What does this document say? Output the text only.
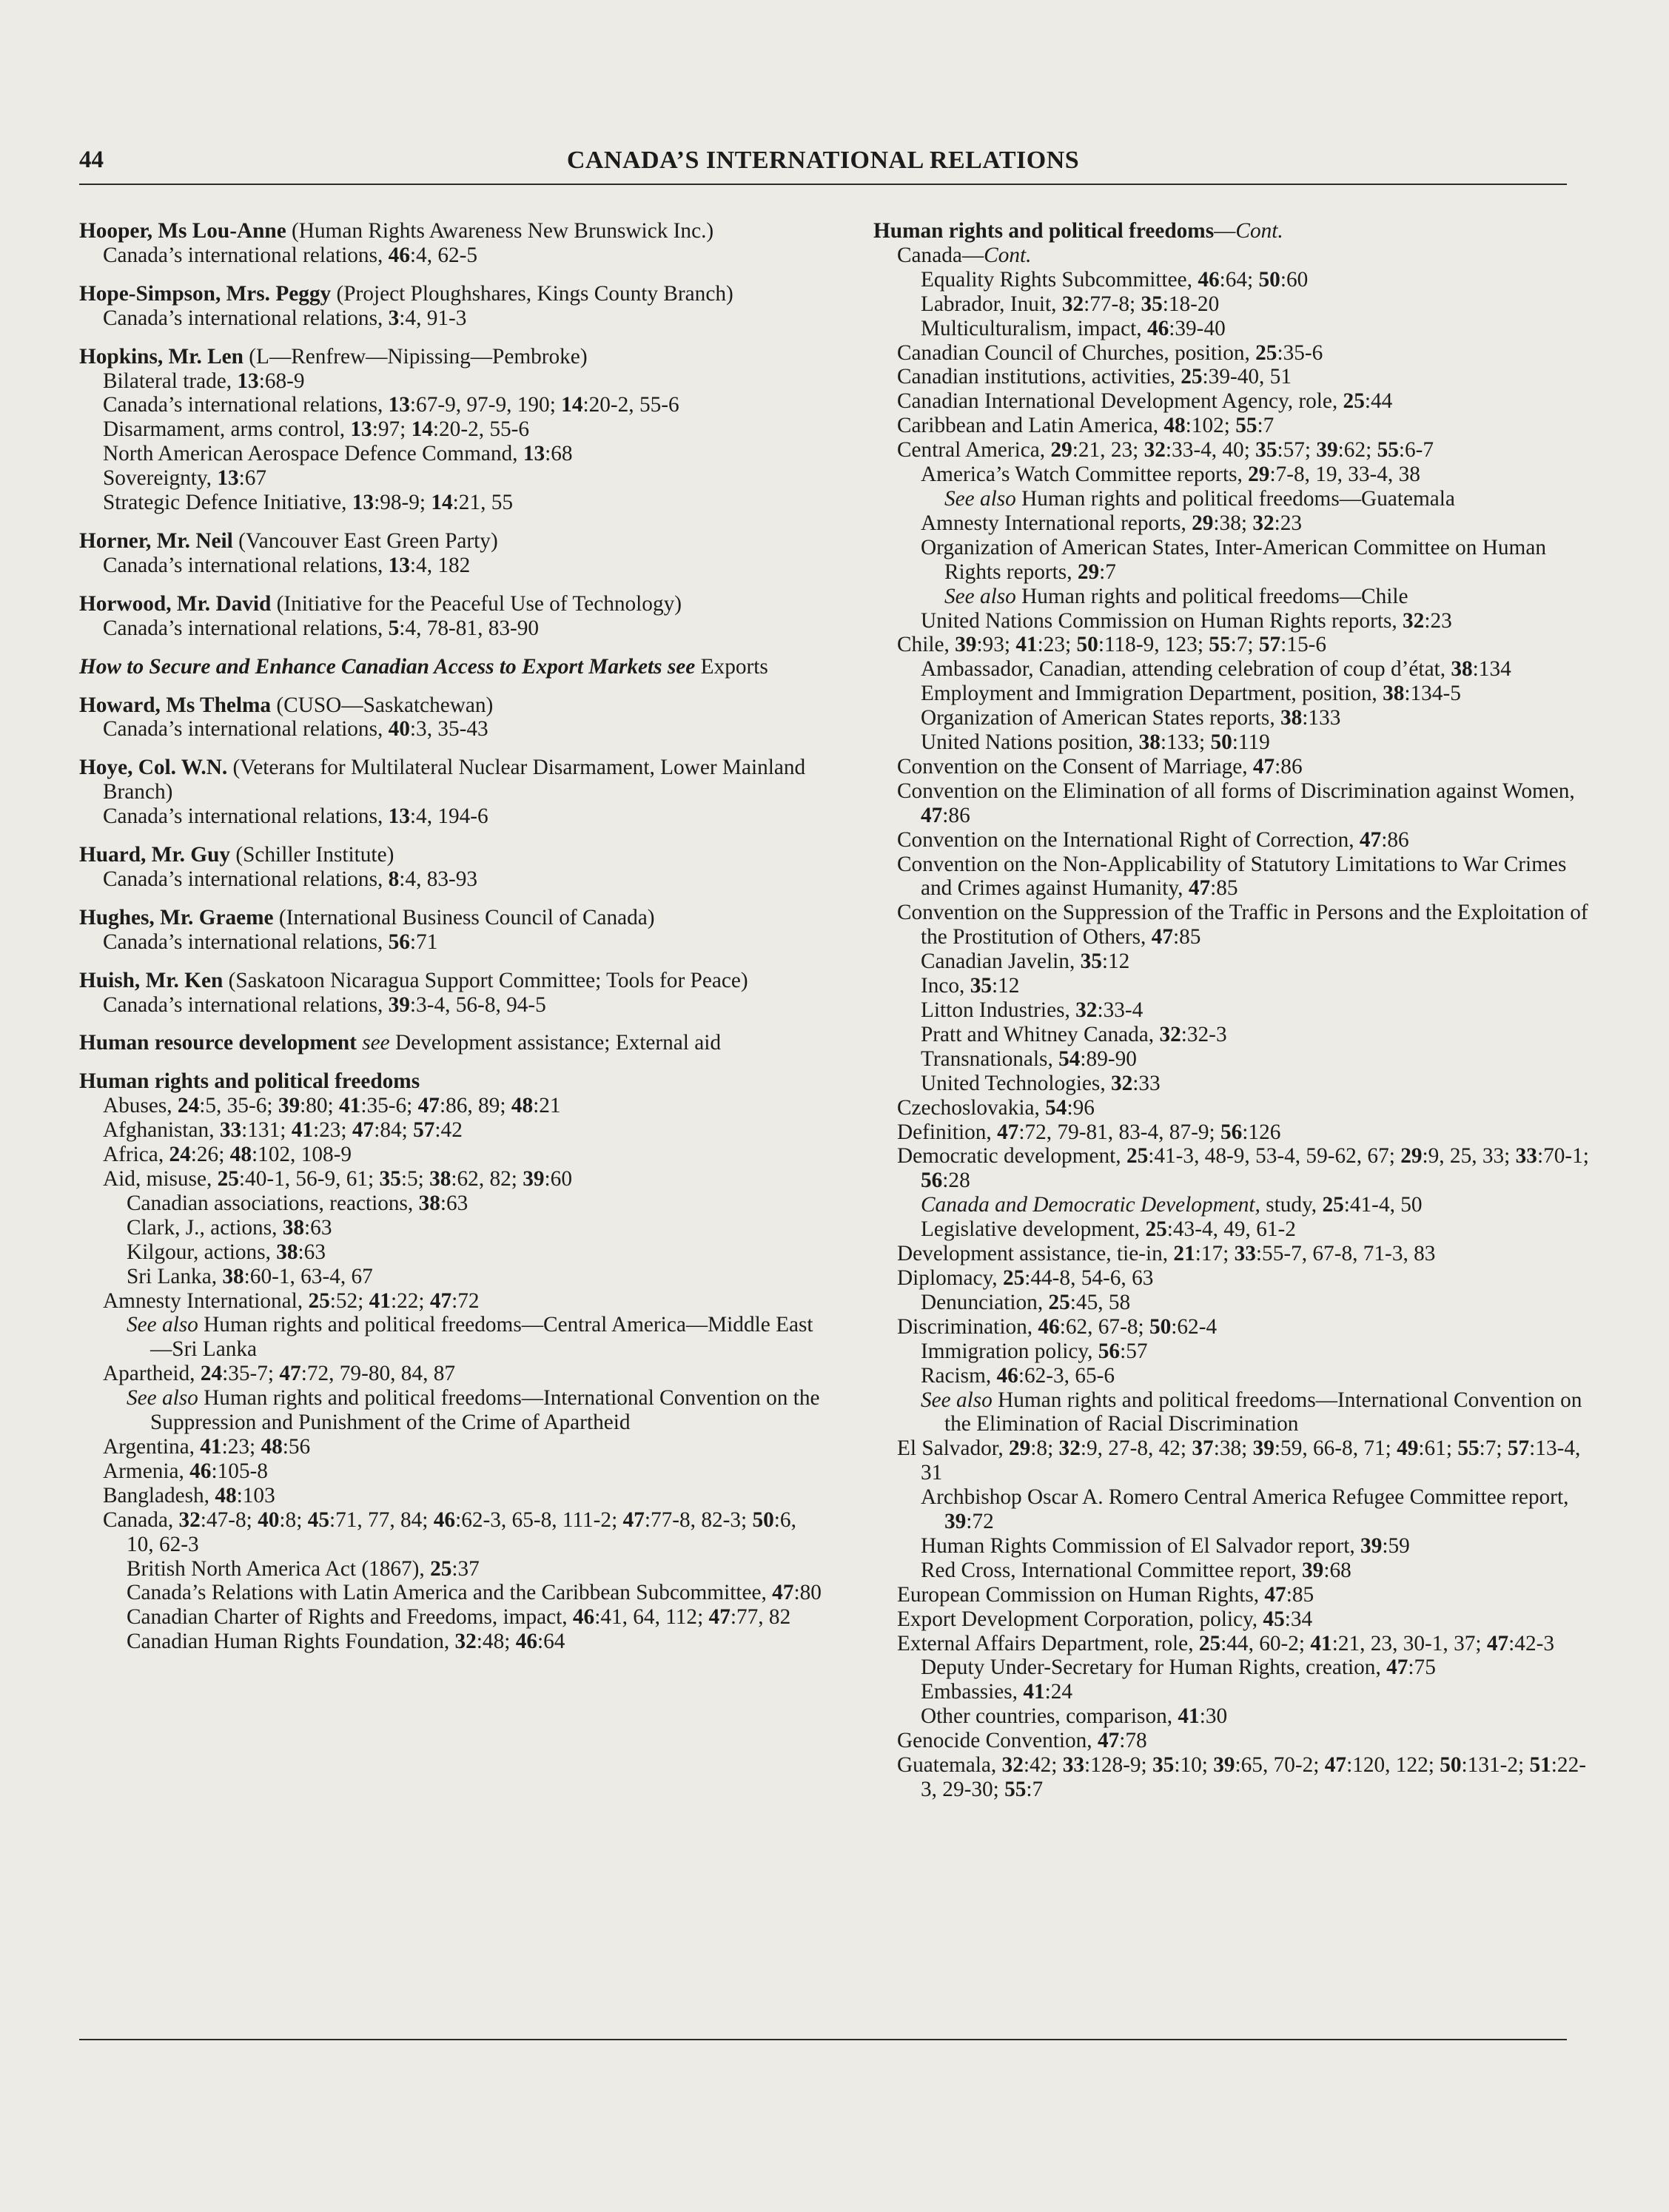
44	CANADA’S INTERNATIONAL RELATIONS
Hooper, Ms Lou-Anne (Human Rights Awareness New Brunswick Inc.)
Canada’s international relations, 46:4, 62-5
Hope-Simpson, Mrs. Peggy (Project Ploughshares, Kings County Branch)
Canada’s international relations, 3:4, 91-3
Hopkins, Mr. Len (L—Renfrew—Nipissing—Pembroke)
Bilateral trade, 13:68-9
Canada’s international relations, 13:67-9, 97-9, 190; 14:20-2, 55-6
Disarmament, arms control, 13:97; 14:20-2, 55-6
North American Aerospace Defence Command, 13:68
Sovereignty, 13:67
Strategic Defence Initiative, 13:98-9; 14:21, 55
Horner, Mr. Neil (Vancouver East Green Party)
Canada’s international relations, 13:4, 182
Horwood, Mr. David (Initiative for the Peaceful Use of Technology)
Canada’s international relations, 5:4, 78-81, 83-90
How to Secure and Enhance Canadian Access to Export Markets see Exports
Howard, Ms Thelma (CUSO—Saskatchewan)
Canada’s international relations, 40:3, 35-43
Hoye, Col. W.N. (Veterans for Multilateral Nuclear Disarmament, Lower Mainland Branch)
Canada’s international relations, 13:4, 194-6
Huard, Mr. Guy (Schiller Institute)
Canada’s international relations, 8:4, 83-93
Hughes, Mr. Graeme (International Business Council of Canada)
Canada’s international relations, 56:71
Huish, Mr. Ken (Saskatoon Nicaragua Support Committee; Tools for Peace)
Canada’s international relations, 39:3-4, 56-8, 94-5
Human resource development see Development assistance; External aid
Human rights and political freedoms
Abuses, 24:5, 35-6; 39:80; 41:35-6; 47:86, 89; 48:21
Afghanistan, 33:131; 41:23; 47:84; 57:42
Africa, 24:26; 48:102, 108-9
Aid, misuse, 25:40-1, 56-9, 61; 35:5; 38:62, 82; 39:60
Canadian associations, reactions, 38:63
Clark, J., actions, 38:63
Kilgour, actions, 38:63
Sri Lanka, 38:60-1, 63-4, 67
Amnesty International, 25:52; 41:22; 47:72
See also Human rights and political freedoms—Central America—Middle East—Sri Lanka
Apartheid, 24:35-7; 47:72, 79-80, 84, 87
See also Human rights and political freedoms—International Convention on the Suppression and Punishment of the Crime of Apartheid
Argentina, 41:23; 48:56
Armenia, 46:105-8
Bangladesh, 48:103
Canada, 32:47-8; 40:8; 45:71, 77, 84; 46:62-3, 65-8, 111-2; 47:77-8, 82-3; 50:6, 10, 62-3
British North America Act (1867), 25:37
Canada’s Relations with Latin America and the Caribbean Subcommittee, 47:80
Canadian Charter of Rights and Freedoms, impact, 46:41, 64, 112; 47:77, 82
Canadian Human Rights Foundation, 32:48; 46:64
Human rights and political freedoms—Cont.
Canada—Cont.
Equality Rights Subcommittee, 46:64; 50:60
Labrador, Inuit, 32:77-8; 35:18-20
Multiculturalism, impact, 46:39-40
Canadian Council of Churches, position, 25:35-6
Canadian institutions, activities, 25:39-40, 51
Canadian International Development Agency, role, 25:44
Caribbean and Latin America, 48:102; 55:7
Central America, 29:21, 23; 32:33-4, 40; 35:57; 39:62; 55:6-7
America’s Watch Committee reports, 29:7-8, 19, 33-4, 38
See also Human rights and political freedoms—Guatemala
Amnesty International reports, 29:38; 32:23
Organization of American States, Inter-American Committee on Human Rights reports, 29:7
See also Human rights and political freedoms—Chile
United Nations Commission on Human Rights reports, 32:23
Chile, 39:93; 41:23; 50:118-9, 123; 55:7; 57:15-6
Ambassador, Canadian, attending celebration of coup d’état, 38:134
Employment and Immigration Department, position, 38:134-5
Organization of American States reports, 38:133
United Nations position, 38:133; 50:119
Convention on the Consent of Marriage, 47:86
Convention on the Elimination of all forms of Discrimination against Women, 47:86
Convention on the International Right of Correction, 47:86
Convention on the Non-Applicability of Statutory Limitations to War Crimes and Crimes against Humanity, 47:85
Convention on the Suppression of the Traffic in Persons and the Exploitation of the Prostitution of Others, 47:85
Canadian Javelin, 35:12
Inco, 35:12
Litton Industries, 32:33-4
Pratt and Whitney Canada, 32:32-3
Transnationals, 54:89-90
United Technologies, 32:33
Czechoslovakia, 54:96
Definition, 47:72, 79-81, 83-4, 87-9; 56:126
Democratic development, 25:41-3, 48-9, 53-4, 59-62, 67; 29:9, 25, 33; 33:70-1; 56:28
Canada and Democratic Development, study, 25:41-4, 50
Legislative development, 25:43-4, 49, 61-2
Development assistance, tie-in, 21:17; 33:55-7, 67-8, 71-3, 83
Diplomacy, 25:44-8, 54-6, 63
Denunciation, 25:45, 58
Discrimination, 46:62, 67-8; 50:62-4
Immigration policy, 56:57
Racism, 46:62-3, 65-6
See also Human rights and political freedoms—International Convention on the Elimination of Racial Discrimination
El Salvador, 29:8; 32:9, 27-8, 42; 37:38; 39:59, 66-8, 71; 49:61; 55:7; 57:13-4, 31
Archbishop Oscar A. Romero Central America Refugee Committee report, 39:72
Human Rights Commission of El Salvador report, 39:59
Red Cross, International Committee report, 39:68
European Commission on Human Rights, 47:85
Export Development Corporation, policy, 45:34
External Affairs Department, role, 25:44, 60-2; 41:21, 23, 30-1, 37; 47:42-3
Deputy Under-Secretary for Human Rights, creation, 47:75
Embassies, 41:24
Other countries, comparison, 41:30
Genocide Convention, 47:78
Guatemala, 32:42; 33:128-9; 35:10; 39:65, 70-2; 47:120, 122; 50:131-2; 51:22-3, 29-30; 55:7
